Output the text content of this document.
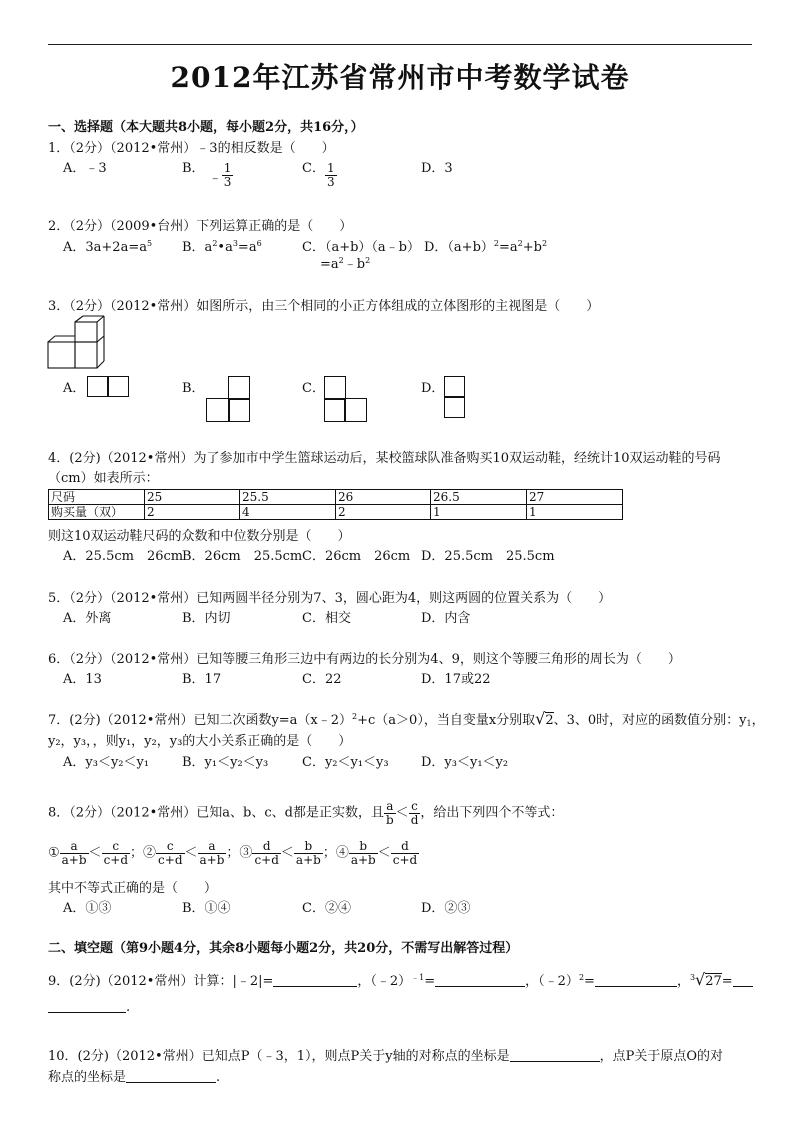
2012年江苏省常州市中考数学试卷
一、选择题（本大题共8小题，每小题2分，共16分，）
1．（2分）（2012•常州）﹣3的相反数是（　　）
A．﹣3	B． ﹣ $\frac{1}{3}$	C． $\frac{1}{3}$	D．3
2．（2分）（2009•台州）下列运算正确的是（　　）
A．$3a+2a=a^5$ B．$a^2•a^3=a^6$	C．（a+b）（a﹣b）
$=a^2﹣b^2$
D．$(a+b)^2=a^2+b^2$
3．（2分）（2012•常州）如图所示，由三个相同的小正方体组成的立体图形的主视图是（　　）
A．	B．	C．	D．
4．(2分)（2012•常州）为了参加市中学生篮球运动后，某校篮球队准备购买10双运动鞋，经统计10双运动鞋的号码
（cm）如表所示：
尺码	25	25.5	26	26.5	27
购买量（双）	2	4	2	1	1
则这10双运动鞋尺码的众数和中位数分别是（　　）
A．25.5cm　26cm
B．26cm　25.5cm C．26cm　26cm D．25.5cm　25.5cm
5．（2分）（2012•常州）已知两圆半径分别为7、3，圆心距为4，则这两圆的位置关系为（　　）
A．外离	B．内切	C．相交	D．内含
6．（2分）（2012•常州）已知等腰三角形三边中有两边的长分别为4、9，则这个等腰三角形的周长为（　　）
A．13	B．17	C．22	D．17或22
7．(2分)（2012•常州）已知二次函数y=a（x﹣2）$^2$+c（a＞0），当自变量x分别取√2、3、0时，对应的函数值分别：$y_1$，
y₂，y₃，，则y₁，y₂，y₃的大小关系正确的是（　　）
A．y₃＜y₂＜y₁	B．y₁＜y₂＜y₃	C．y₂＜y₁＜y₃ D．y₃＜y₁＜y₂
8．（2分）（2012•常州）已知a、b、c、d都是正实数，且 $\frac{a}{b} < \frac{c}{d}$ ，给出下列四个不等式：
① $\frac{a}{a+b} < \frac{c}{c+d}$ ；② $\frac{c}{c+d} < \frac{a}{a+b}$ ；③ $\frac{d}{c+d} < \frac{b}{a+b}$ ；④ $\frac{b}{a+b} < \frac{d}{c+d}$
其中不等式正确的是（　　）
A．①③	B．①④	C．②④	D．②③
二、填空题（第9小题4分，其余8小题每小题2分，共20分，不需写出解答过程）
9．(2分)（2012•常州）计算：|﹣2|=	，（﹣2）$^{﹣1}$=	，（﹣2）$^2$=	，$^3$√27=
.
10．(2分)（2012•常州）已知点P（﹣3，1），则点P关于y轴的对称点的坐标是	，点P关于原点O的对
称点的坐标是	.
